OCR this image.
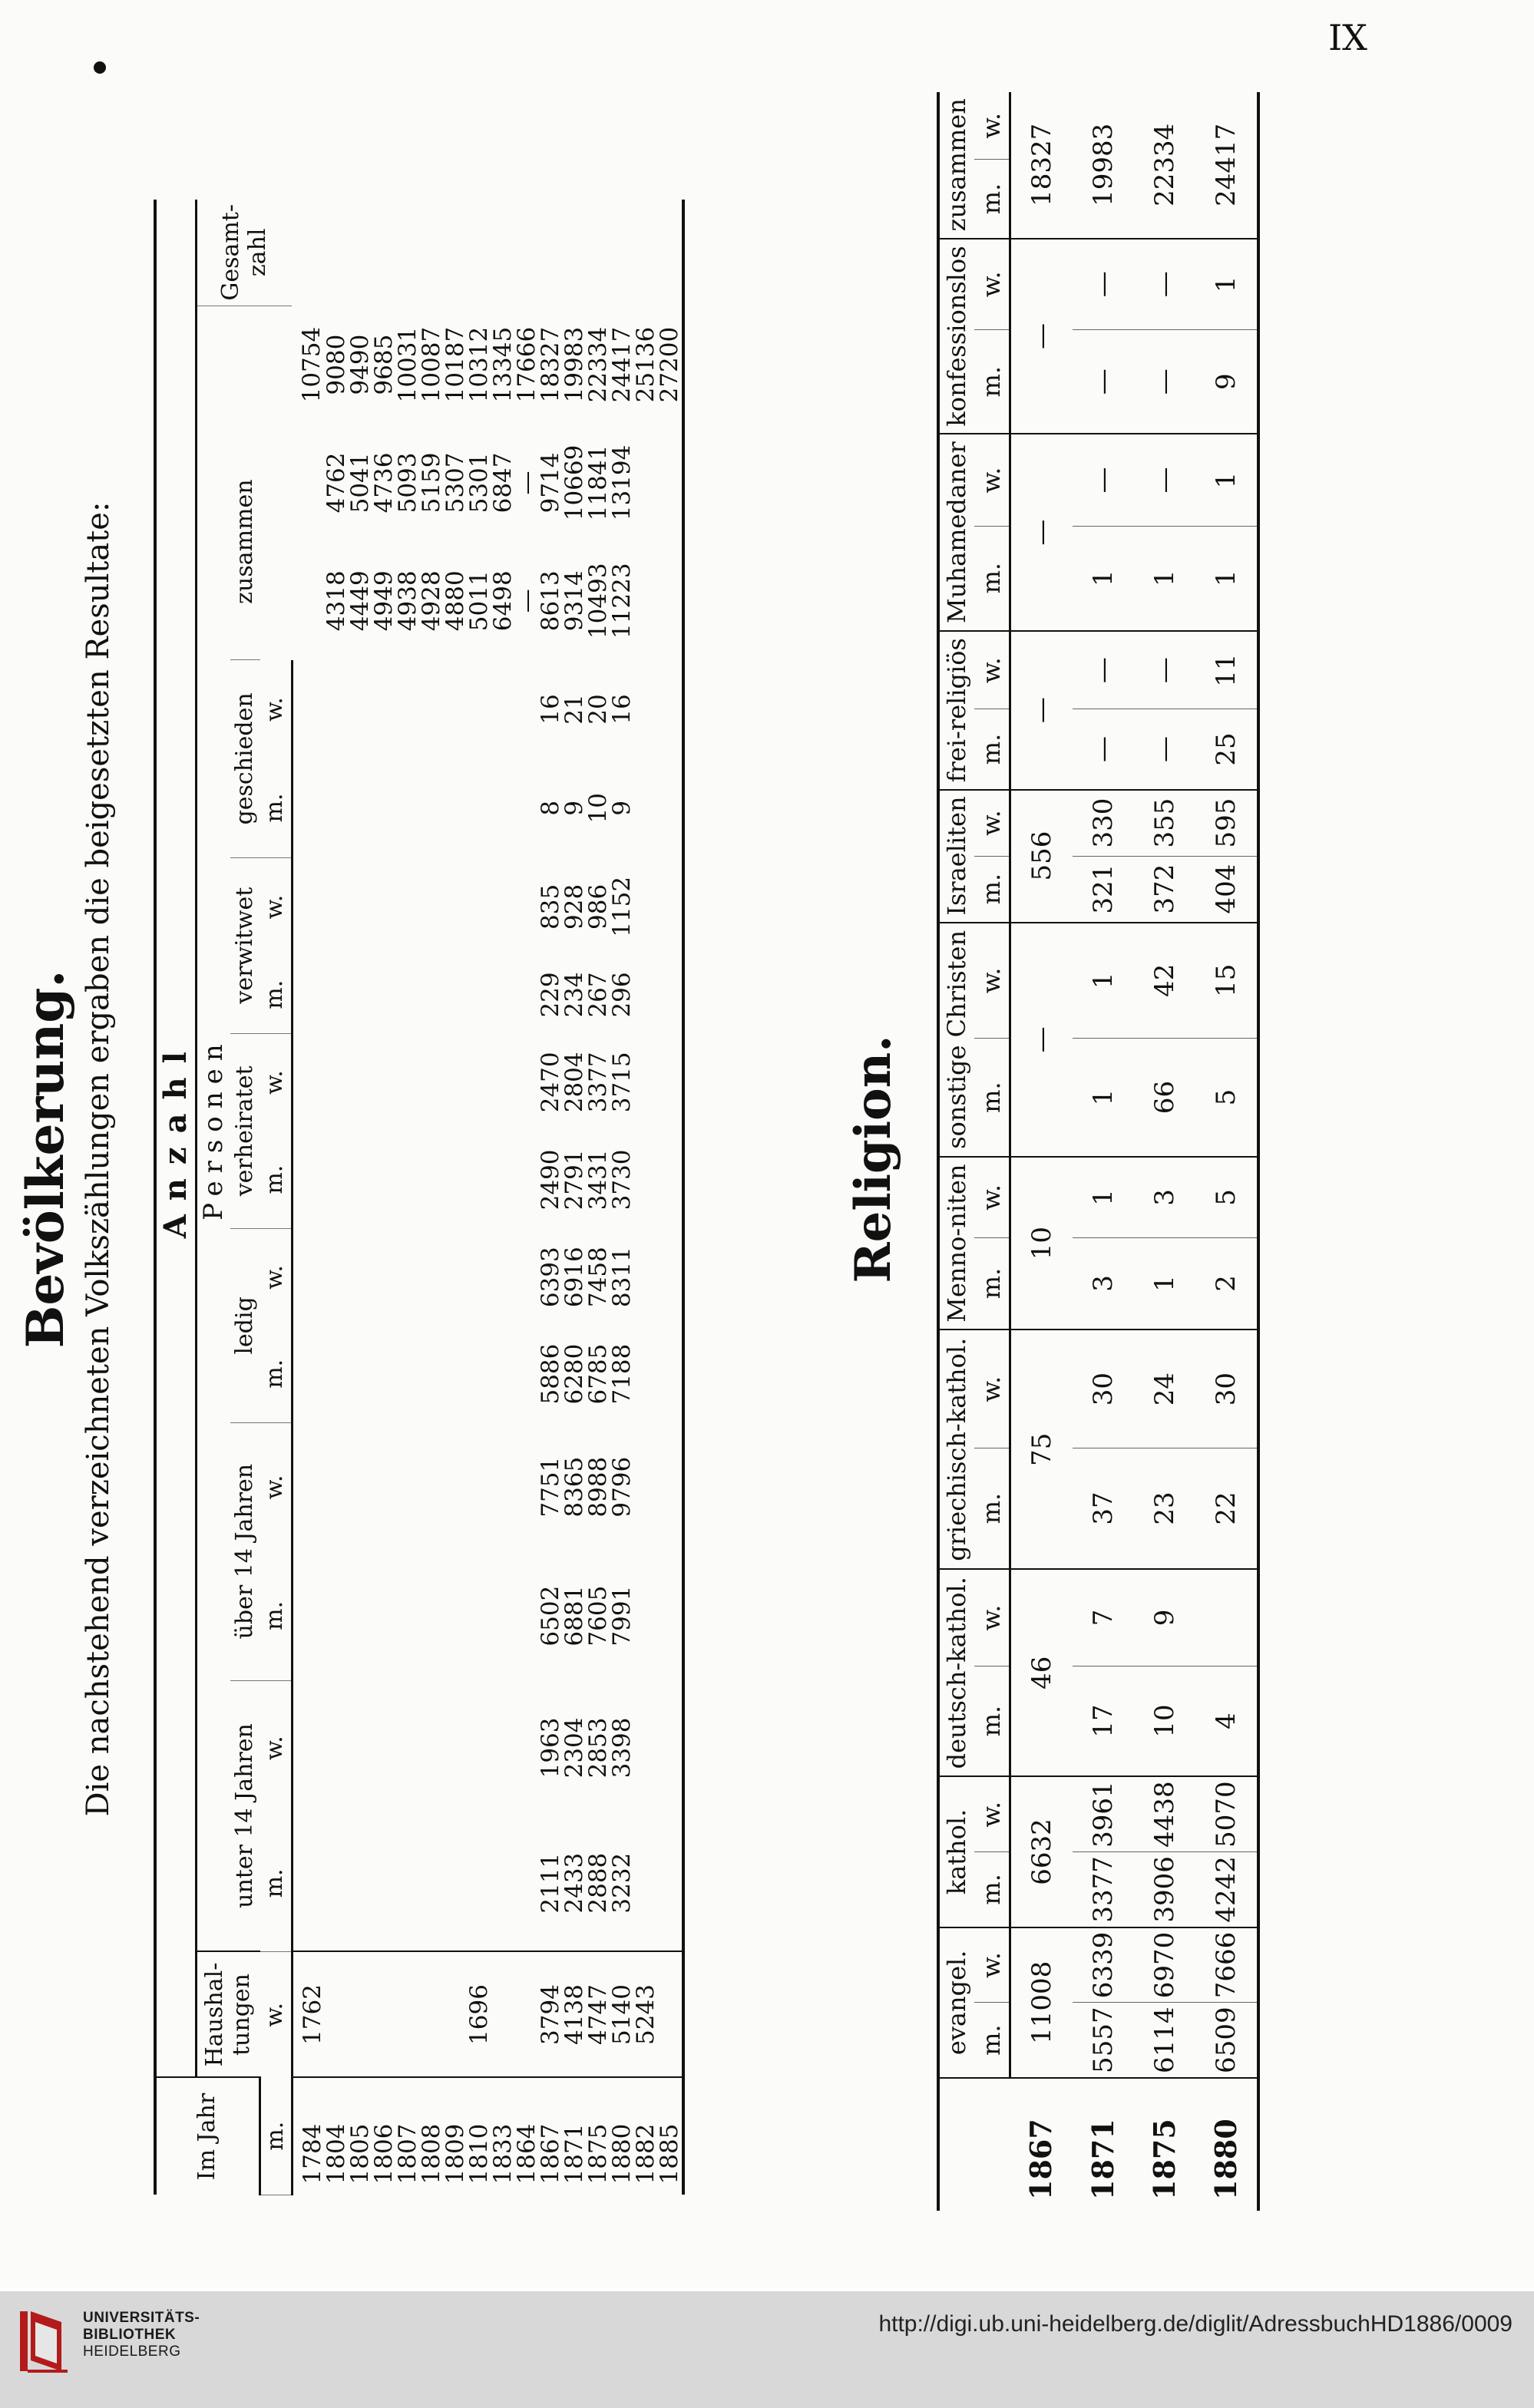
IX
Bevölkerung. Die nachstehend verzeichneten Volkszählungen ergaben die beigesetzten Resultate:
Im Jahr	Anzahl																
	Haushal-tungen	Personen															Gesamt-zahl
		unter 14 Jahren		über 14 Jahren		ledig		verheiratet		verwitwet		geschieden		zusammen			
m.	w.	m.	w.	m.	w.	m.	w.	m.	w.	m.	w.	m.	w.				
1784	1762															10754	
1804														4318	4762	9080	
1805														4449	5041	9490	
1806														4949	4736	9685	
1807														4938	5093	10031	
1808														4928	5159	10087	
1809														4880	5307	10187	
1810	1696													5011	5301	10312	
1833														6498	6847	13345	
1864														—	—	17666	
1867	3794	2111	1963	6502	7751	5886	6393	2490	2470	229	835	8	16	8613	9714	18327	
1871	4138	2433	2304	6881	8365	6280	6916	2791	2804	234	928	9	21	9314	10669	19983	
1875	4747	2888	2853	7605	8988	6785	7458	3431	3377	267	986	10	20	10493	11841	22334	
1880	5140	3232	3398	7991	9796	7188	8311	3730	3715	296	1152	9	16	11223	13194	24417	
1882	5243															25136	
1885																27200	
Religion.
	evangel.		kathol.		deutsch-kathol.		griechisch-kathol.		Menno-niten		sonstige Christen		Israeliten		frei-religiös		Muhamedaner		konfessionslos		zusammen	
	m.	w.	m.	w.	m.	w.	m.	w.	m.	w.	m.	w.	m.	w.	m.	w.	m.	w.	m.	w.	m.	w.
1867	11008		6632		46		75		10		—		556		—		—		—		18327	
1871	5557	6339	3377	3961	17	7	37	30	3	1	1	1	321	330	—	—	1	—	—	—	19983	
1875	6114	6970	3906	4438	10	9	23	24	1	3	66	42	372	355	—	—	1	—	—	—	22334	
1880	6509	7666	4242	5070	4		22	30	2	5	5	15	404	595	25	11	1	1	9	1	24417	
UNIVERSITÄTS-
BIBLIOTHEK
HEIDELBERG
http://digi.ub.uni-heidelberg.de/diglit/AdressbuchHD1886/0009
